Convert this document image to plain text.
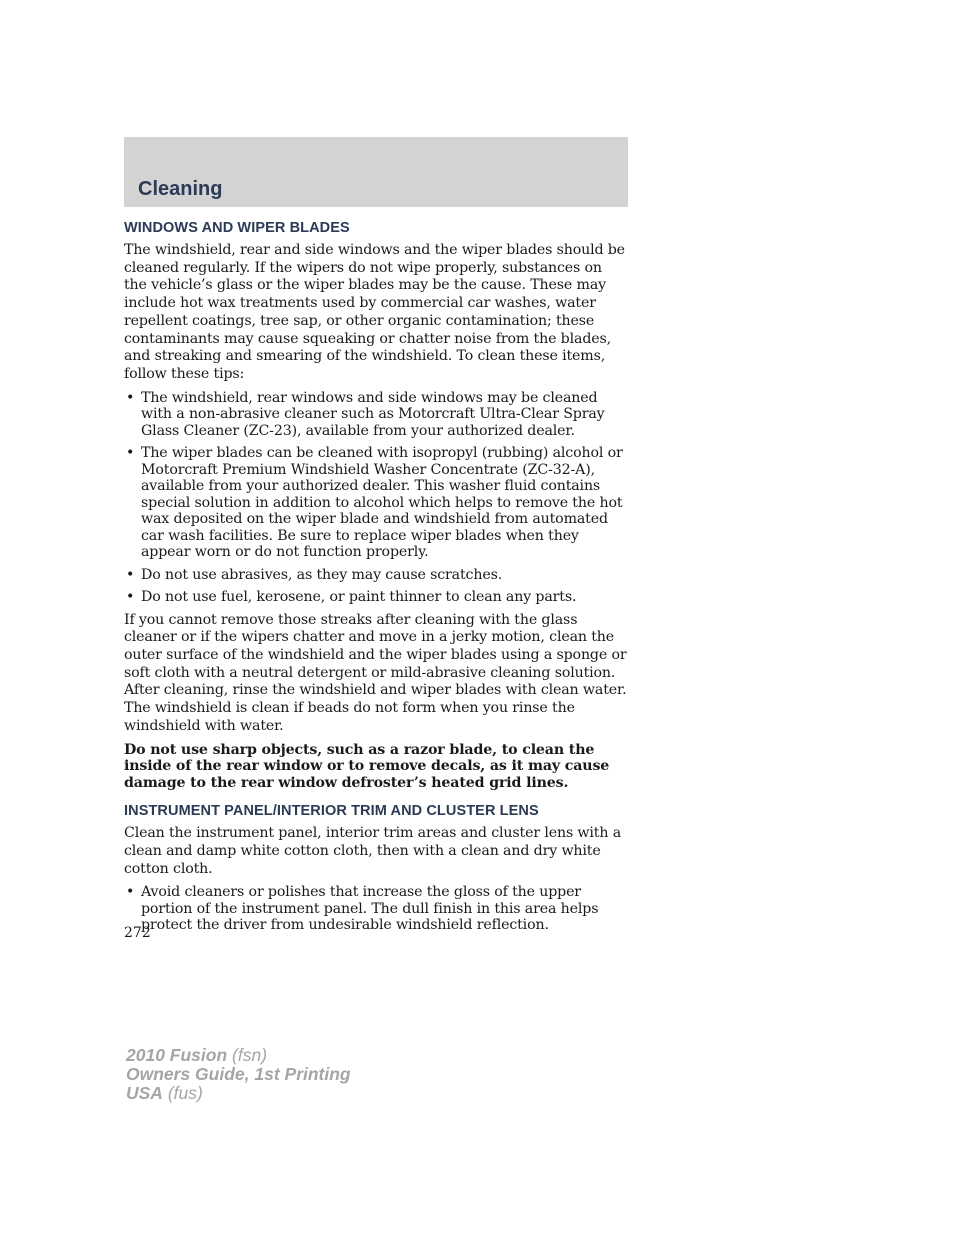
Cleaning
WINDOWS AND WIPER BLADES

The windshield, rear and side windows and the wiper blades should be cleaned regularly. If the wipers do not wipe properly, substances on the vehicle’s glass or the wiper blades may be the cause. These may include hot wax treatments used by commercial car washes, water repellent coatings, tree sap, or other organic contamination; these contaminants may cause squeaking or chatter noise from the blades, and streaking and smearing of the windshield. To clean these items, follow these tips:

• The windshield, rear windows and side windows may be cleaned with a non-abrasive cleaner such as Motorcraft Ultra-Clear Spray Glass Cleaner (ZC-23), available from your authorized dealer.
• The wiper blades can be cleaned with isopropyl (rubbing) alcohol or Motorcraft Premium Windshield Washer Concentrate (ZC-32-A), available from your authorized dealer. This washer fluid contains special solution in addition to alcohol which helps to remove the hot wax deposited on the wiper blade and windshield from automated car wash facilities. Be sure to replace wiper blades when they appear worn or do not function properly.
• Do not use abrasives, as they may cause scratches.
• Do not use fuel, kerosene, or paint thinner to clean any parts.

If you cannot remove those streaks after cleaning with the glass cleaner or if the wipers chatter and move in a jerky motion, clean the outer surface of the windshield and the wiper blades using a sponge or soft cloth with a neutral detergent or mild-abrasive cleaning solution. After cleaning, rinse the windshield and wiper blades with clean water. The windshield is clean if beads do not form when you rinse the windshield with water.

Do not use sharp objects, such as a razor blade, to clean the inside of the rear window or to remove decals, as it may cause damage to the rear window defroster’s heated grid lines.

INSTRUMENT PANEL/INTERIOR TRIM AND CLUSTER LENS

Clean the instrument panel, interior trim areas and cluster lens with a clean and damp white cotton cloth, then with a clean and dry white cotton cloth.

• Avoid cleaners or polishes that increase the gloss of the upper portion of the instrument panel. The dull finish in this area helps protect the driver from undesirable windshield reflection.

272

2010 Fusion (fsn)

Owners Guide, 1st Printing

USA (fus)
